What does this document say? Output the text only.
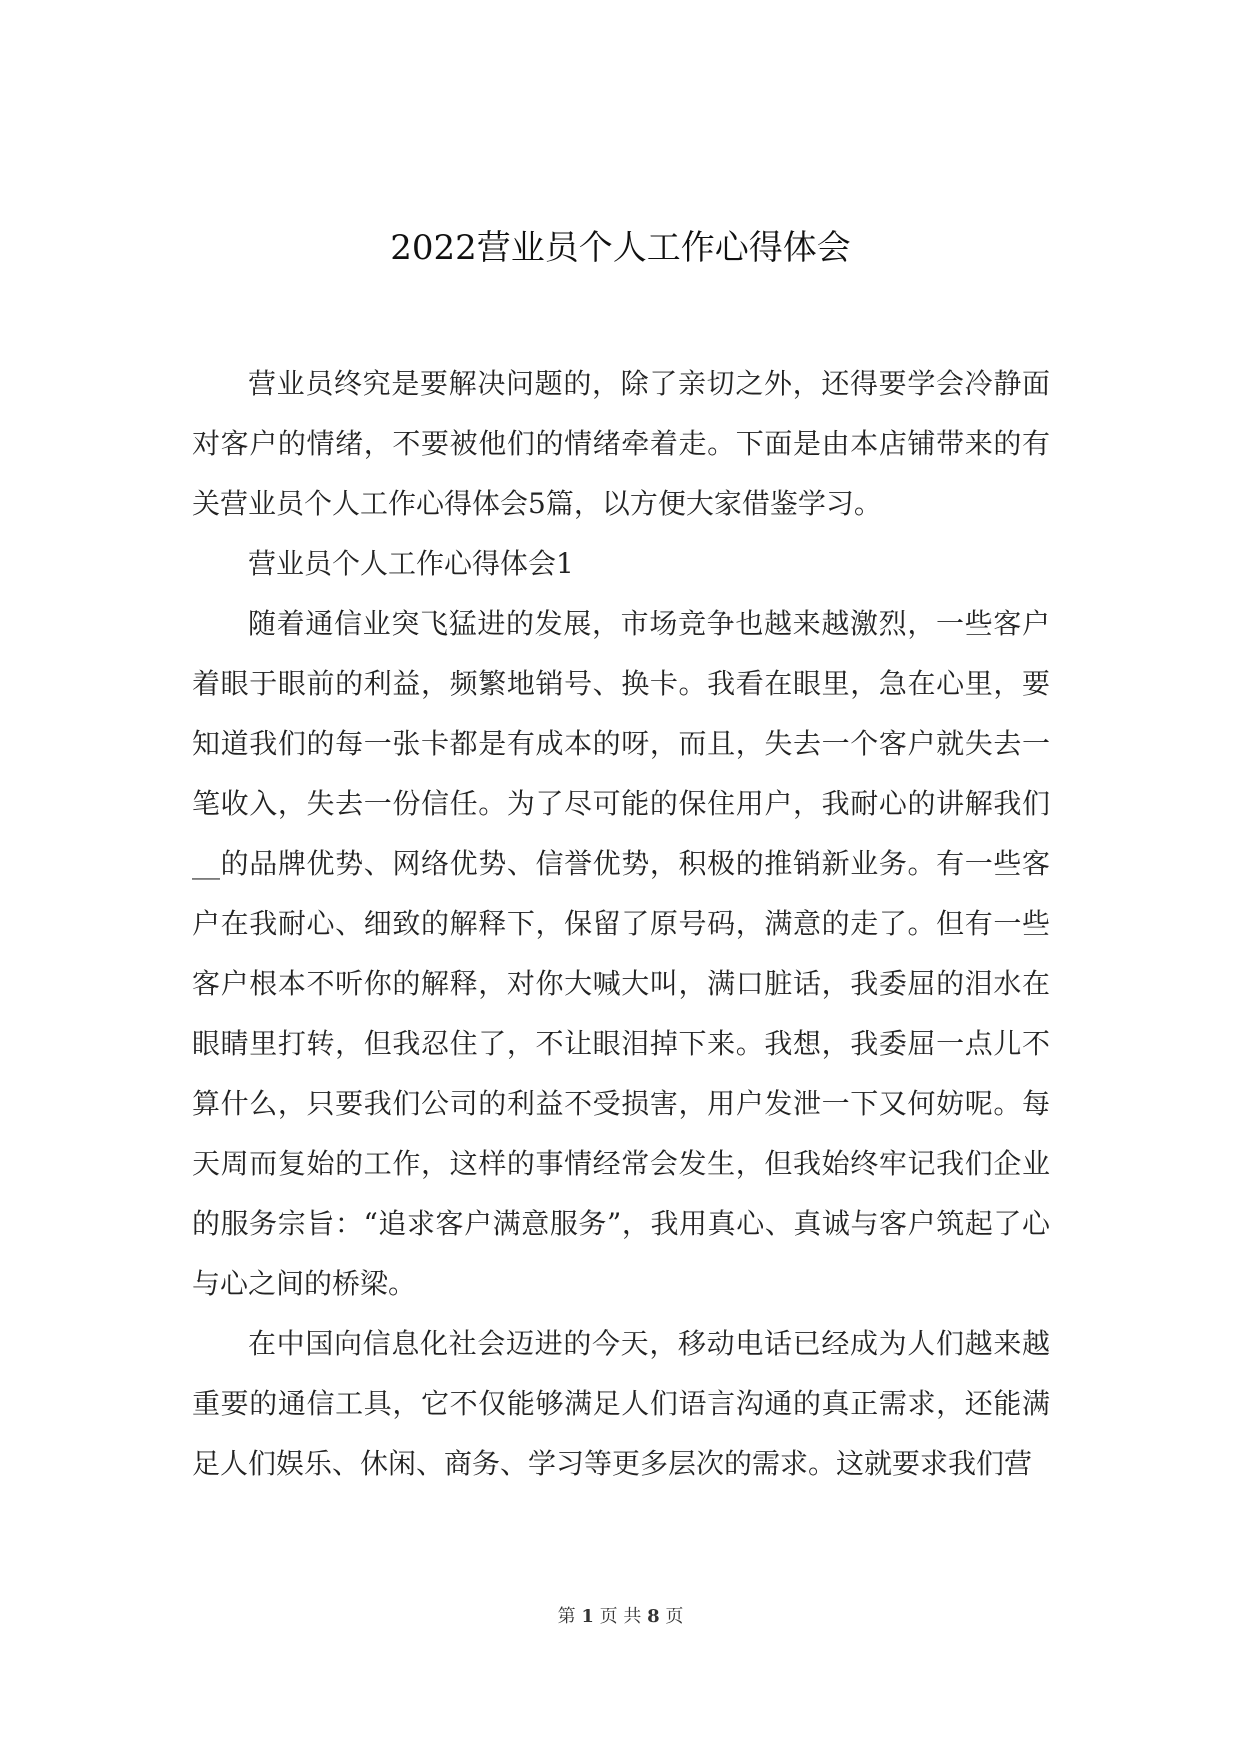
2022营业员个人工作心得体会

营业员终究是要解决问题的，除了亲切之外，还得要学会冷静面对客户的情绪，不要被他们的情绪牵着走。下面是由本店铺带来的有关营业员个人工作心得体会5篇，以方便大家借鉴学习。

营业员个人工作心得体会1

随着通信业突飞猛进的发展，市场竞争也越来越激烈，一些客户着眼于眼前的利益，频繁地销号、换卡。我看在眼里，急在心里，要知道我们的每一张卡都是有成本的呀，而且，失去一个客户就失去一笔收入，失去一份信任。为了尽可能的保住用户，我耐心的讲解我们__的品牌优势、网络优势、信誉优势，积极的推销新业务。有一些客户在我耐心、细致的解释下，保留了原号码，满意的走了。但有一些客户根本不听你的解释，对你大喊大叫，满口脏话，我委屈的泪水在眼睛里打转，但我忍住了，不让眼泪掉下来。我想，我委屈一点儿不算什么，只要我们公司的利益不受损害，用户发泄一下又何妨呢。每天周而复始的工作，这样的事情经常会发生，但我始终牢记我们企业的服务宗旨：“追求客户满意服务”，我用真心、真诚与客户筑起了心与心之间的桥梁。

在中国向信息化社会迈进的今天，移动电话已经成为人们越来越重要的通信工具，它不仅能够满足人们语言沟通的真正需求，还能满足人们娱乐、休闲、商务、学习等更多层次的需求。这就要求我们营

第 1 页 共 8 页
